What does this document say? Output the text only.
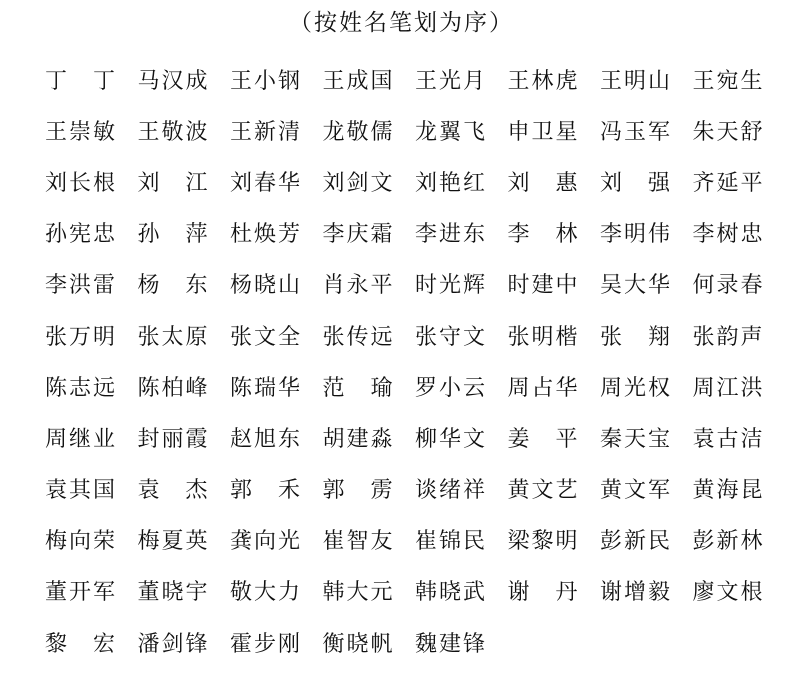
（按姓名笔划为序）
丁 丁 马 汉 成 王 小 钢 王 成 国 王 光 月 王 林 虎 王 明 山 王 宛 生
王 崇 敏 王 敬 波 王 新 清 龙 敬 儒 龙 翼 飞 申 卫 星 冯 玉 军 朱 天 舒
刘 长 根 刘 江 刘 春 华 刘 剑 文 刘 艳 红 刘 惠 刘 强 齐 延 平
孙 宪 忠 孙 萍 杜 焕 芳 李 庆 霜 李 进 东 李 林 李 明 伟 李 树 忠
李 洪 雷 杨 东 杨 晓 山 肖 永 平 时 光 辉 时 建 中 吴 大 华 何 录 春
张 万 明 张 太 原 张 文 全 张 传 远 张 守 文 张 明 楷 张 翔 张 韵 声
陈 志 远 陈 柏 峰 陈 瑞 华 范 瑜 罗 小 云 周 占 华 周 光 权 周 江 洪
周 继 业 封 丽 霞 赵 旭 东 胡 建 淼 柳 华 文 姜 平 秦 天 宝 袁 古 洁
袁 其 国 袁 杰 郭 禾 郭 雳 谈 绪 祥 黄 文 艺 黄 文 军 黄 海 昆
梅 向 荣 梅 夏 英 龚 向 光 崔 智 友 崔 锦 民 梁 黎 明 彭 新 民 彭 新 林
董 开 军 董 晓 宇 敬 大 力 韩 大 元 韩 晓 武 谢 丹 谢 增 毅 廖 文 根
黎 宏 潘 剑 锋 霍 步 刚 衡 晓 帆 魏 建 锋
